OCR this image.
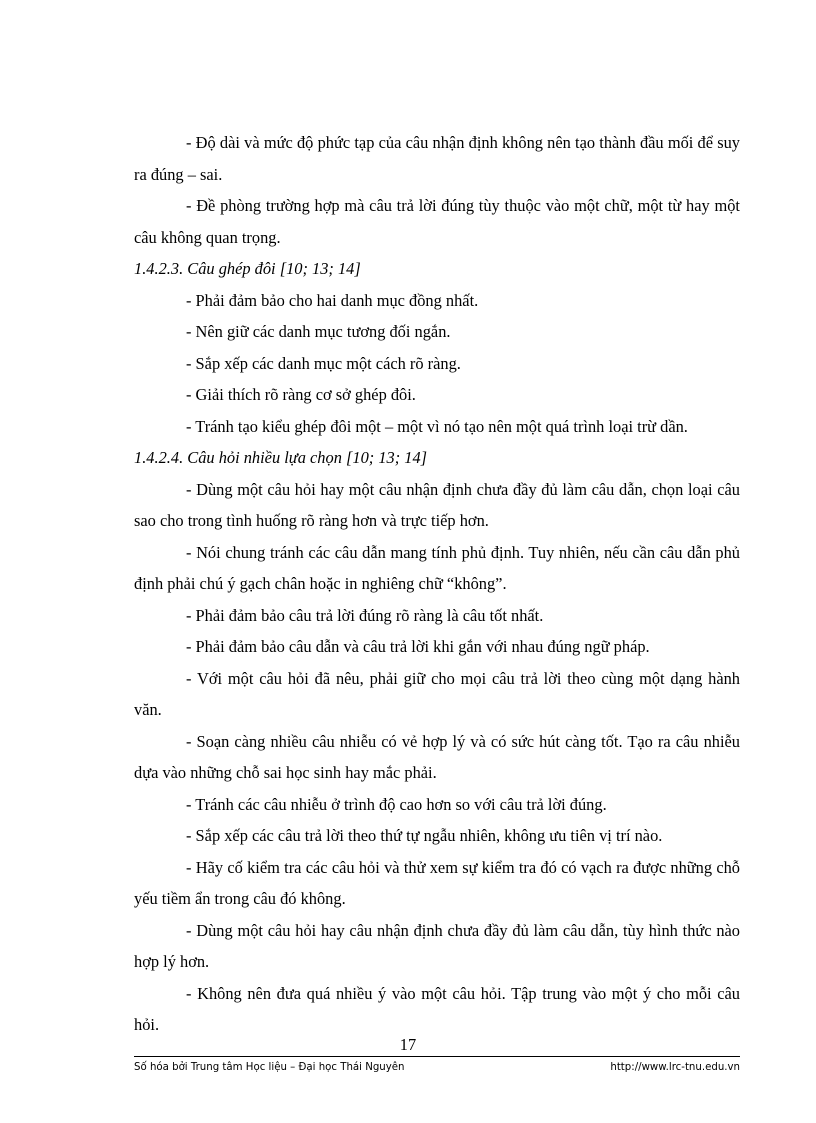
- Độ dài và mức độ phức tạp của câu nhận định không nên tạo thành đầu mối để suy ra đúng – sai.

- Đề phòng trường hợp mà câu trả lời đúng tùy thuộc vào một chữ, một từ hay một câu không quan trọng.

1.4.2.3. Câu ghép đôi [10; 13; 14]

- Phải đảm bảo cho hai danh mục đồng nhất.

- Nên giữ các danh mục tương đối ngắn.

- Sắp xếp các danh mục một cách rõ ràng.

- Giải thích rõ ràng cơ sở ghép đôi.

- Tránh tạo kiểu ghép đôi một – một vì nó tạo nên một quá trình loại trừ dần.

1.4.2.4. Câu hỏi nhiều lựa chọn [10; 13; 14]

- Dùng một câu hỏi hay một câu nhận định chưa đầy đủ làm câu dẫn, chọn loại câu sao cho trong tình huống rõ ràng hơn và trực tiếp hơn.

- Nói chung tránh các câu dẫn mang tính phủ định. Tuy nhiên, nếu cần câu dẫn phủ định phải chú ý gạch chân hoặc in nghiêng chữ “không”.

- Phải đảm bảo câu trả lời đúng rõ ràng là câu tốt nhất.

- Phải đảm bảo câu dẫn và câu trả lời khi gắn với nhau đúng ngữ pháp.

- Với một câu hỏi đã nêu, phải giữ cho mọi câu trả lời theo cùng một dạng hành văn.

- Soạn càng nhiều câu nhiễu có vẻ hợp lý và có sức hút càng tốt. Tạo ra câu nhiễu dựa vào những chỗ sai học sinh hay mắc phải.

- Tránh các câu nhiễu ở trình độ cao hơn so với câu trả lời đúng.

- Sắp xếp các câu trả lời theo thứ tự ngẫu nhiên, không ưu tiên vị trí nào.

- Hãy cố kiểm tra các câu hỏi và thử xem sự kiểm tra đó có vạch ra được những chỗ yếu tiềm ẩn trong câu đó không.

- Dùng một câu hỏi hay câu nhận định chưa đầy đủ làm câu dẫn, tùy hình thức nào hợp lý hơn.

- Không nên đưa quá nhiều ý vào một câu hỏi. Tập trung vào một ý cho mỗi câu hỏi.

17
Số hóa bởi Trung tâm Học liệu – Đại học Thái Nguyên	http://www.lrc-tnu.edu.vn
